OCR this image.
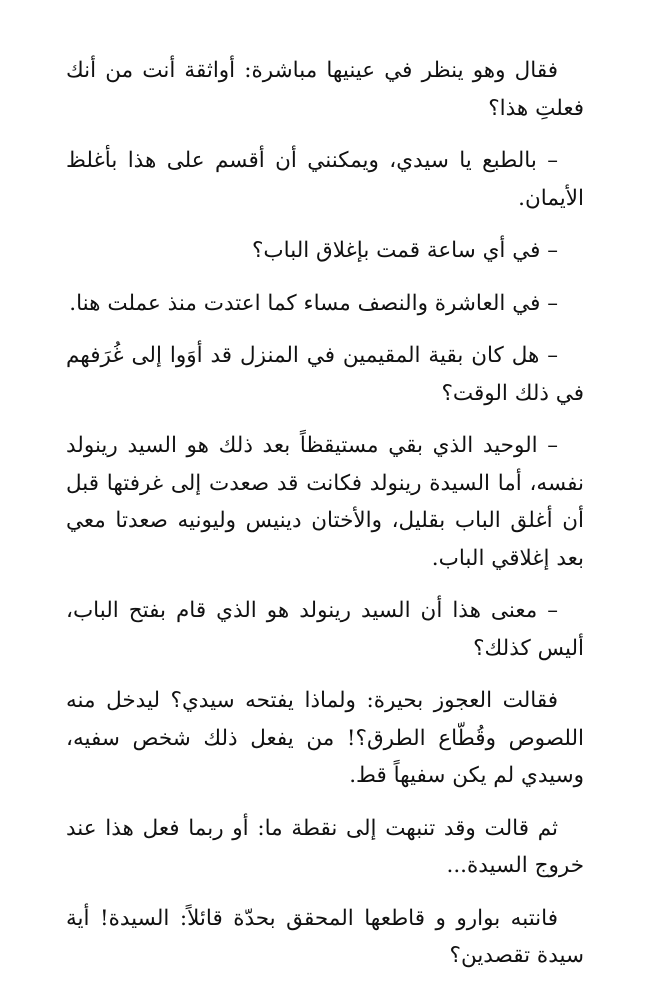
فقال وهو ينظر في عينيها مباشرة: أواثقة أنت من أنك فعلتِ هذا؟

– بالطبع يا سيدي، ويمكنني أن أقسم على هذا بأغلظ الأيمان.

– في أي ساعة قمت بإغلاق الباب؟

– في العاشرة والنصف مساء كما اعتدت منذ عملت هنا.

– هل كان بقية المقيمين في المنزل قد أوَوا إلى غُرَفهم في ذلك الوقت؟

– الوحيد الذي بقي مستيقظاً بعد ذلك هو السيد رينولد نفسه، أما السيدة رينولد فكانت قد صعدت إلى غرفتها قبل أن أغلق الباب بقليل، والأختان دينيس وليونيه صعدتا معي بعد إغلاقي الباب.

– معنى هذا أن السيد رينولد هو الذي قام بفتح الباب، أليس كذلك؟

فقالت العجوز بحيرة: ولماذا يفتحه سيدي؟ ليدخل منه اللصوص وقُطّاع الطرق؟! من يفعل ذلك شخص سفيه، وسيدي لم يكن سفيهاً قط.

ثم قالت وقد تنبهت إلى نقطة ما: أو ربما فعل هذا عند خروج السيدة...

فانتبه بوارو و قاطعها المحقق بحدّة قائلاً: السيدة! أية سيدة تقصدين؟
